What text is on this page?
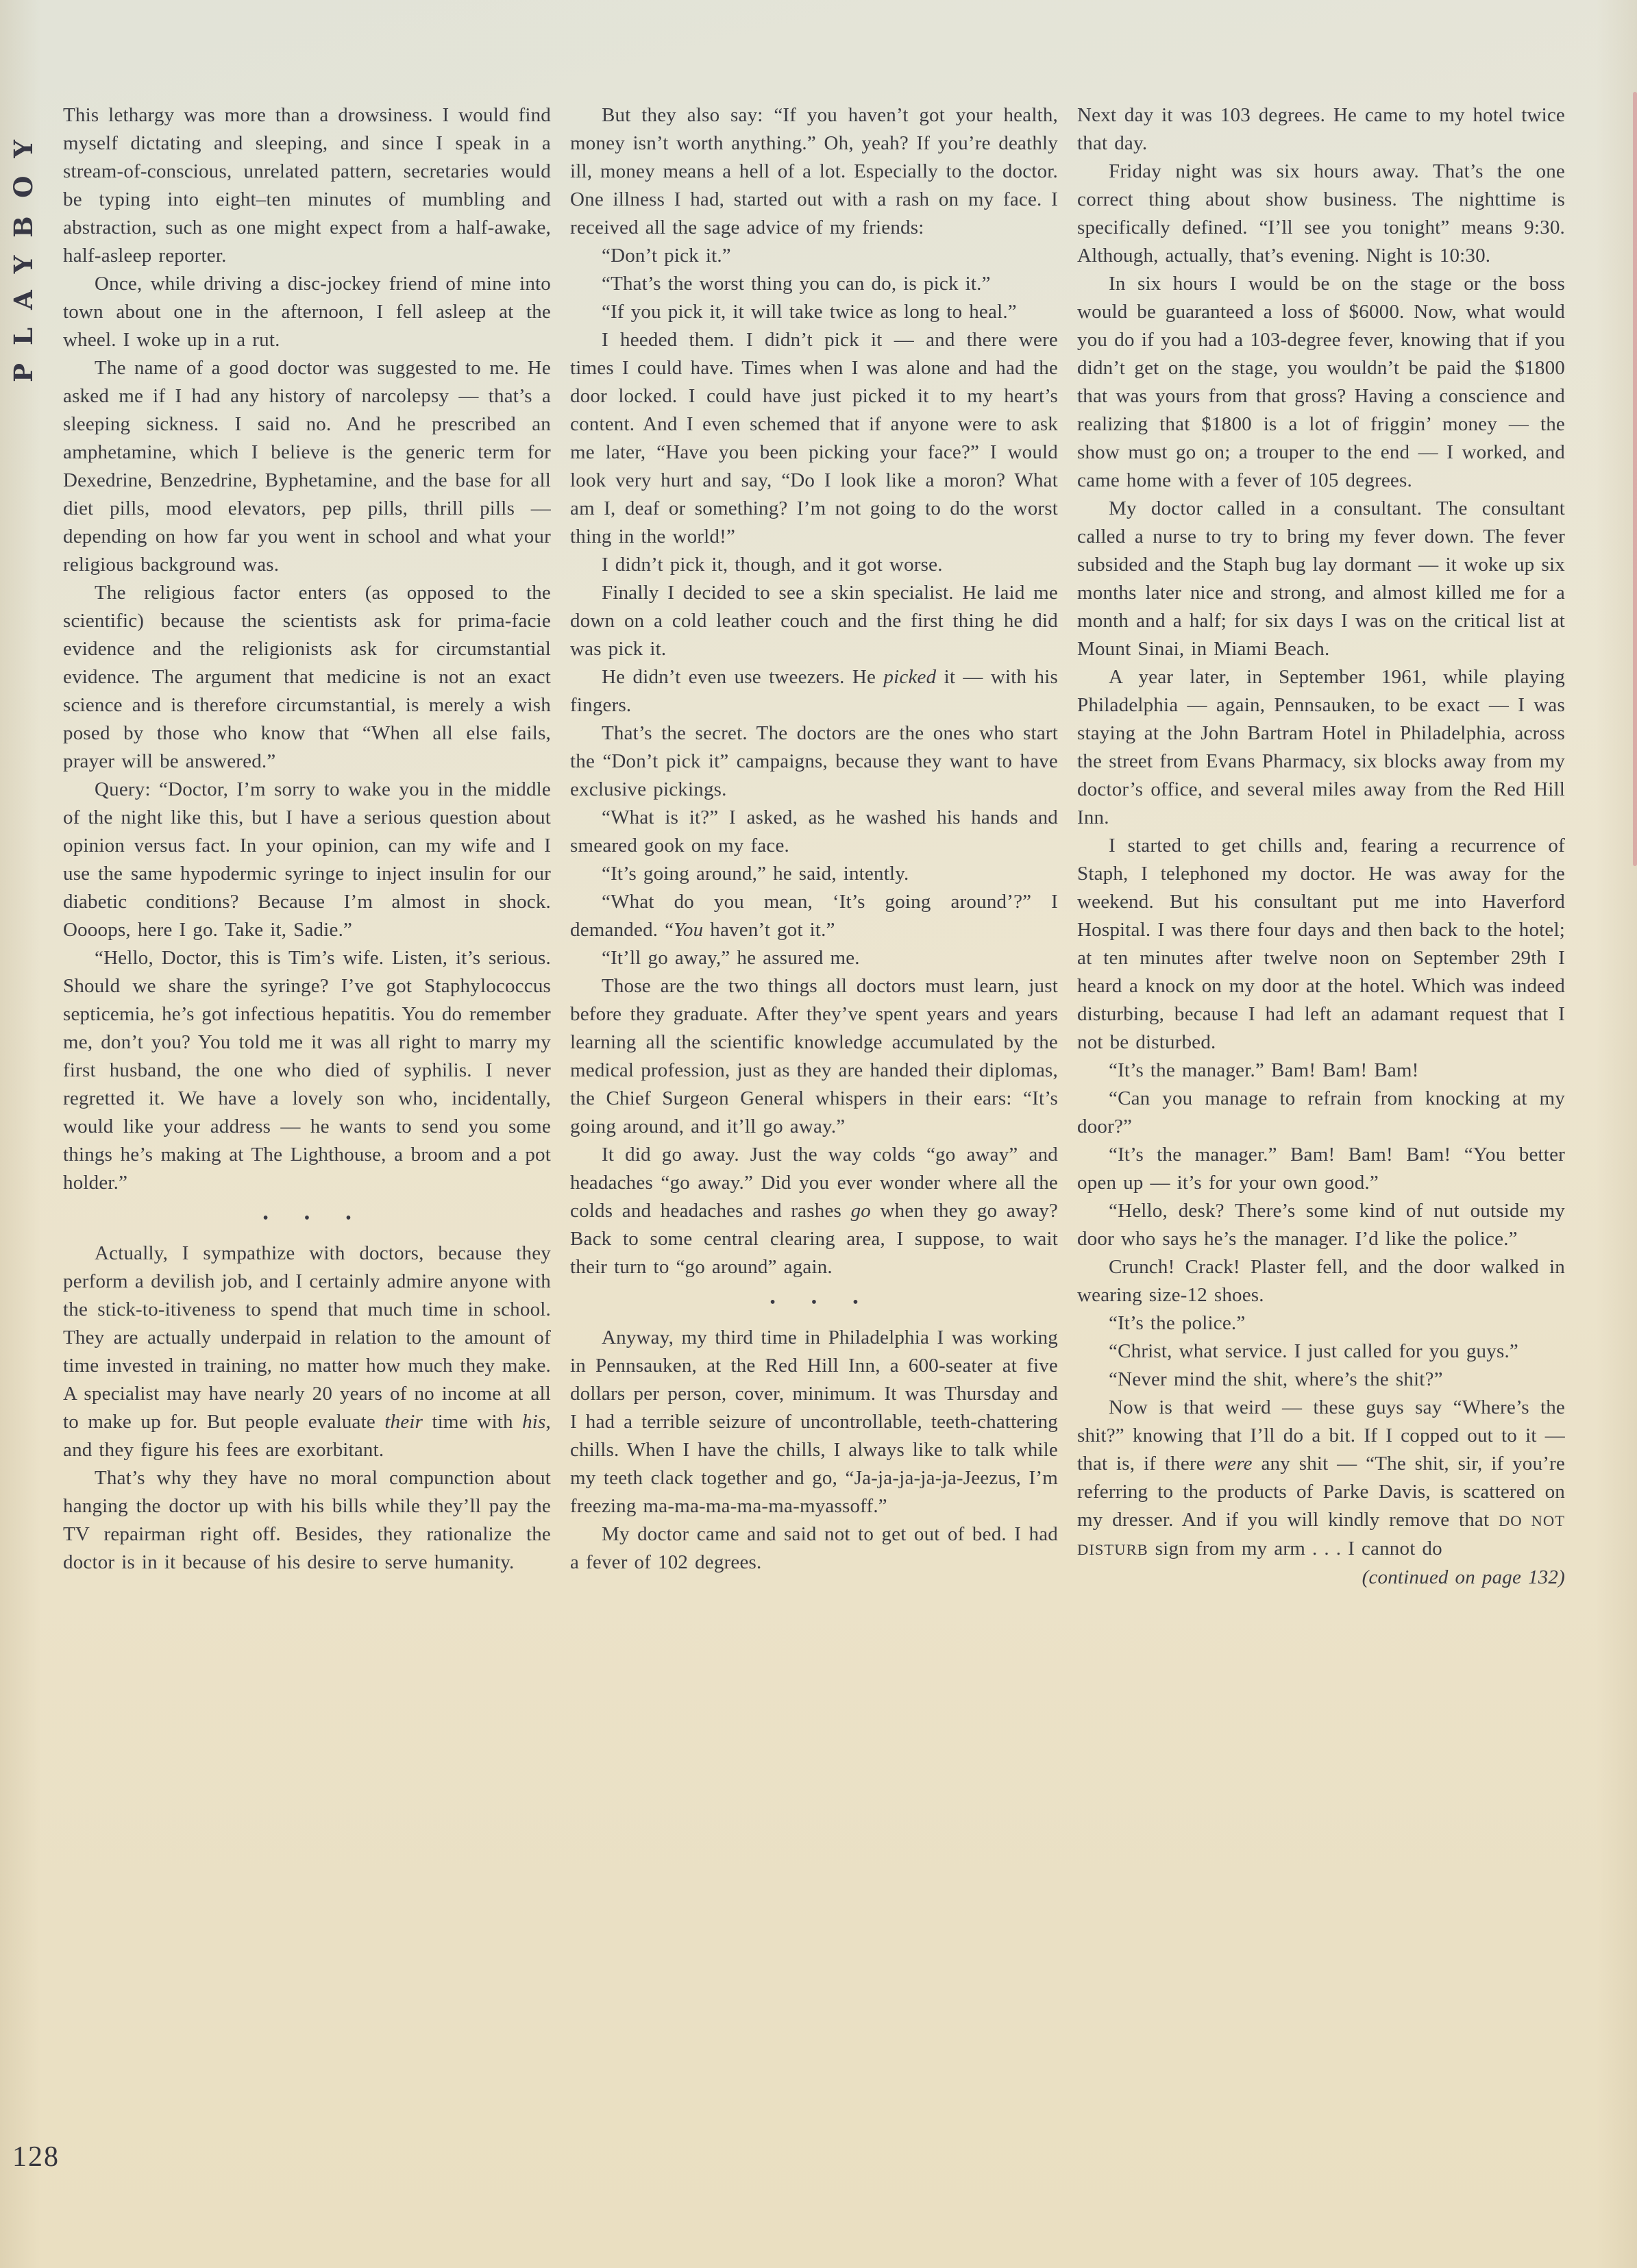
PLAYBOY
128

This lethargy was more than a drowsiness. I would find myself dictating and sleeping, and since I speak in a stream-of-conscious, unrelated pattern, secretaries would be typing into eight–ten minutes of mumbling and abstraction, such as one might expect from a half-awake, half-asleep reporter.

Once, while driving a disc-jockey friend of mine into town about one in the afternoon, I fell asleep at the wheel. I woke up in a rut.

The name of a good doctor was suggested to me. He asked me if I had any history of narcolepsy — that’s a sleeping sickness. I said no. And he prescribed an amphetamine, which I believe is the generic term for Dexedrine, Benzedrine, Byphetamine, and the base for all diet pills, mood elevators, pep pills, thrill pills — depending on how far you went in school and what your religious background was.

The religious factor enters (as opposed to the scientific) because the scientists ask for prima-facie evidence and the religionists ask for circumstantial evidence. The argument that medicine is not an exact science and is therefore circumstantial, is merely a wish posed by those who know that “When all else fails, prayer will be answered.”

Query: “Doctor, I’m sorry to wake you in the middle of the night like this, but I have a serious question about opinion versus fact. In your opinion, can my wife and I use the same hypodermic syringe to inject insulin for our diabetic conditions? Because I’m almost in shock. Oooops, here I go. Take it, Sadie.”

“Hello, Doctor, this is Tim’s wife. Listen, it’s serious. Should we share the syringe? I’ve got Staphylococcus septicemia, he’s got infectious hepatitis. You do remember me, don’t you? You told me it was all right to marry my first husband, the one who died of syphilis. I never regretted it. We have a lovely son who, incidentally, would like your address — he wants to send you some things he’s making at The Lighthouse, a broom and a pot holder.”

• • •

Actually, I sympathize with doctors, because they perform a devilish job, and I certainly admire anyone with the stick-to-itiveness to spend that much time in school. They are actually underpaid in relation to the amount of time invested in training, no matter how much they make. A specialist may have nearly 20 years of no income at all to make up for. But people evaluate their time with his, and they figure his fees are exorbitant.

That’s why they have no moral compunction about hanging the doctor up with his bills while they’ll pay the TV repairman right off. Besides, they rationalize the doctor is in it because of his desire to serve humanity.

But they also say: “If you haven’t got your health, money isn’t worth anything.” Oh, yeah? If you’re deathly ill, money means a hell of a lot. Especially to the doctor. One illness I had, started out with a rash on my face. I received all the sage advice of my friends:

“Don’t pick it.”

“That’s the worst thing you can do, is pick it.”

“If you pick it, it will take twice as long to heal.”

I heeded them. I didn’t pick it — and there were times I could have. Times when I was alone and had the door locked. I could have just picked it to my heart’s content. And I even schemed that if anyone were to ask me later, “Have you been picking your face?” I would look very hurt and say, “Do I look like a moron? What am I, deaf or something? I’m not going to do the worst thing in the world!”

I didn’t pick it, though, and it got worse.

Finally I decided to see a skin specialist. He laid me down on a cold leather couch and the first thing he did was pick it.

He didn’t even use tweezers. He picked it — with his fingers.

That’s the secret. The doctors are the ones who start the “Don’t pick it” campaigns, because they want to have exclusive pickings.

“What is it?” I asked, as he washed his hands and smeared gook on my face.

“It’s going around,” he said, intently.

“What do you mean, ‘It’s going around’?” I demanded. “You haven’t got it.”

“It’ll go away,” he assured me.

Those are the two things all doctors must learn, just before they graduate. After they’ve spent years and years learning all the scientific knowledge accumulated by the medical profession, just as they are handed their diplomas, the Chief Surgeon General whispers in their ears: “It’s going around, and it’ll go away.”

It did go away. Just the way colds “go away” and headaches “go away.” Did you ever wonder where all the colds and headaches and rashes go when they go away? Back to some central clearing area, I suppose, to wait their turn to “go around” again.

• • •

Anyway, my third time in Philadelphia I was working in Pennsauken, at the Red Hill Inn, a 600-seater at five dollars per person, cover, minimum. It was Thursday and I had a terrible seizure of uncontrollable, teeth-chattering chills. When I have the chills, I always like to talk while my teeth clack together and go, “Ja-ja-ja-ja-ja-Jeezus, I’m freezing ma-ma-ma-ma-ma-myassoff.”

My doctor came and said not to get out of bed. I had a fever of 102 degrees.

Next day it was 103 degrees. He came to my hotel twice that day.

Friday night was six hours away. That’s the one correct thing about show business. The nighttime is specifically defined. “I’ll see you tonight” means 9:30. Although, actually, that’s evening. Night is 10:30.

In six hours I would be on the stage or the boss would be guaranteed a loss of $6000. Now, what would you do if you had a 103-degree fever, knowing that if you didn’t get on the stage, you wouldn’t be paid the $1800 that was yours from that gross? Having a conscience and realizing that $1800 is a lot of friggin’ money — the show must go on; a trouper to the end — I worked, and came home with a fever of 105 degrees.

My doctor called in a consultant. The consultant called a nurse to try to bring my fever down. The fever subsided and the Staph bug lay dormant — it woke up six months later nice and strong, and almost killed me for a month and a half; for six days I was on the critical list at Mount Sinai, in Miami Beach.

A year later, in September 1961, while playing Philadelphia — again, Pennsauken, to be exact — I was staying at the John Bartram Hotel in Philadelphia, across the street from Evans Pharmacy, six blocks away from my doctor’s office, and several miles away from the Red Hill Inn.

I started to get chills and, fearing a recurrence of Staph, I telephoned my doctor. He was away for the weekend. But his consultant put me into Haverford Hospital. I was there four days and then back to the hotel; at ten minutes after twelve noon on September 29th I heard a knock on my door at the hotel. Which was indeed disturbing, because I had left an adamant request that I not be disturbed.

“It’s the manager.” Bam! Bam! Bam!

“Can you manage to refrain from knocking at my door?”

“It’s the manager.” Bam! Bam! Bam! “You better open up — it’s for your own good.”

“Hello, desk? There’s some kind of nut outside my door who says he’s the manager. I’d like the police.”

Crunch! Crack! Plaster fell, and the door walked in wearing size-12 shoes.

“It’s the police.”

“Christ, what service. I just called for you guys.”

“Never mind the shit, where’s the shit?”

Now is that weird — these guys say “Where’s the shit?” knowing that I’ll do a bit. If I copped out to it — that is, if there were any shit — “The shit, sir, if you’re referring to the products of Parke Davis, is scattered on my dresser. And if you will kindly remove that DO NOT DISTURB sign from my arm . . . I cannot do

(continued on page 132)
